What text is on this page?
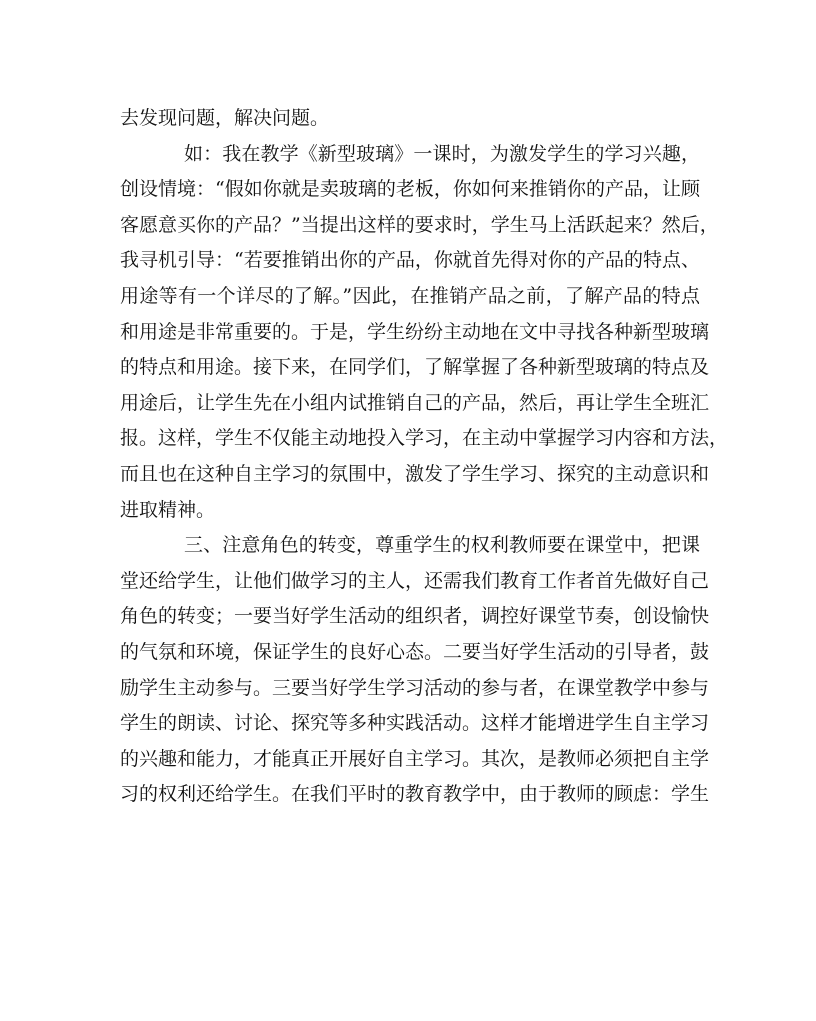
去发现问题，解决问题。
如：我在教学《新型玻璃》一课时，为激发学生的学习兴趣，
创设情境：“假如你就是卖玻璃的老板，你如何来推销你的产品，让顾
客愿意买你的产品？”当提出这样的要求时，学生马上活跃起来？然后，
我寻机引导：“若要推销出你的产品，你就首先得对你的产品的特点、
用途等有一个详尽的了解。”因此，在推销产品之前，了解产品的特点
和用途是非常重要的。于是，学生纷纷主动地在文中寻找各种新型玻璃
的特点和用途。接下来，在同学们，了解掌握了各种新型玻璃的特点及
用途后，让学生先在小组内试推销自己的产品，然后，再让学生全班汇
报。这样，学生不仅能主动地投入学习，在主动中掌握学习内容和方法，
而且也在这种自主学习的氛围中，激发了学生学习、探究的主动意识和
进取精神。
三、注意角色的转变，尊重学生的权利教师要在课堂中，把课
堂还给学生，让他们做学习的主人，还需我们教育工作者首先做好自己
角色的转变；一要当好学生活动的组织者，调控好课堂节奏，创设愉快
的气氛和环境，保证学生的良好心态。二要当好学生活动的引导者，鼓
励学生主动参与。三要当好学生学习活动的参与者，在课堂教学中参与
学生的朗读、讨论、探究等多种实践活动。这样才能增进学生自主学习
的兴趣和能力，才能真正开展好自主学习。其次，是教师必须把自主学
习的权利还给学生。在我们平时的教育教学中，由于教师的顾虑：学生
